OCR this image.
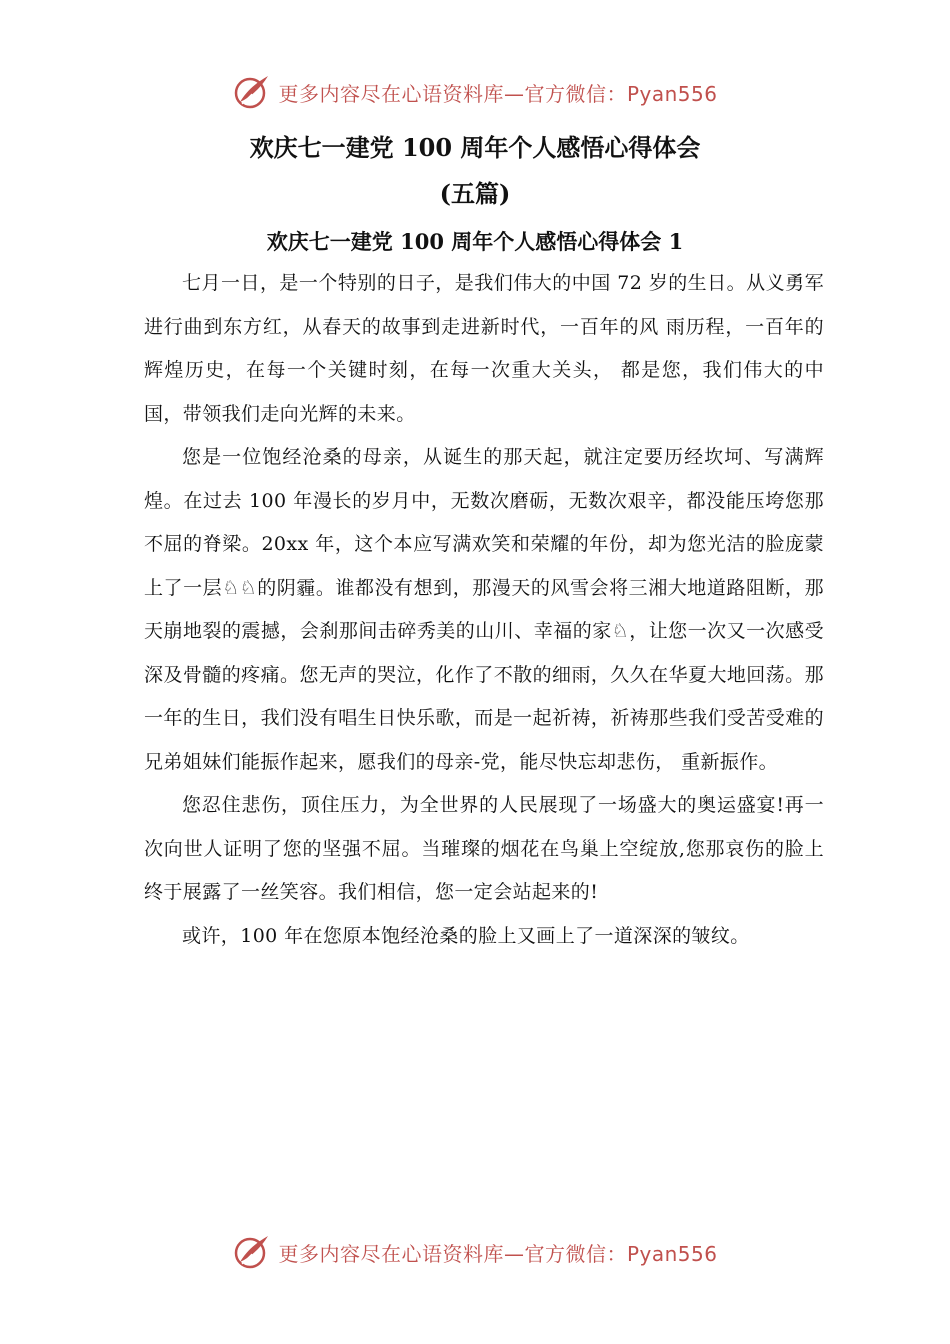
更多内容尽在心语资料库—官方微信：Pyan556
欢庆七一建党 100 周年个人感悟心得体会
(五篇)
欢庆七一建党 100 周年个人感悟心得体会 1

七月一日，是一个特别的日子，是我们伟大的中国 72 岁的生日。从义勇军进行曲到东方红，从春天的故事到走进新时代，一百年的风 雨历程，一百年的辉煌历史，在每一个关键时刻，在每一次重大关头， 都是您，我们伟大的中国，带领我们走向光辉的未来。

您是一位饱经沧桑的母亲，从诞生的那天起，就注定要历经坎坷、写满辉煌。在过去 100 年漫长的岁月中，无数次磨砺，无数次艰辛，都没能压垮您那不屈的脊梁。20xx 年，这个本应写满欢笑和荣耀的年份，却为您光洁的脸庞蒙上了一层♘♘的阴霾。谁都没有想到，那漫天的风雪会将三湘大地道路阻断，那天崩地裂的震撼，会刹那间击碎秀美的山川、幸福的家♘，让您一次又一次感受深及骨髓的疼痛。您无声的哭泣，化作了不散的细雨，久久在华夏大地回荡。那一年的生日，我们没有唱生日快乐歌，而是一起祈祷，祈祷那些我们受苦受难的兄弟姐妹们能振作起来，愿我们的母亲-党，能尽快忘却悲伤， 重新振作。

您忍住悲伤，顶住压力，为全世界的人民展现了一场盛大的奥运盛宴!再一次向世人证明了您的坚强不屈。当璀璨的烟花在鸟巢上空绽放,您那哀伤的脸上终于展露了一丝笑容。我们相信，您一定会站起来的!

或许，100 年在您原本饱经沧桑的脸上又画上了一道深深的皱纹。

更多内容尽在心语资料库—官方微信：Pyan556
